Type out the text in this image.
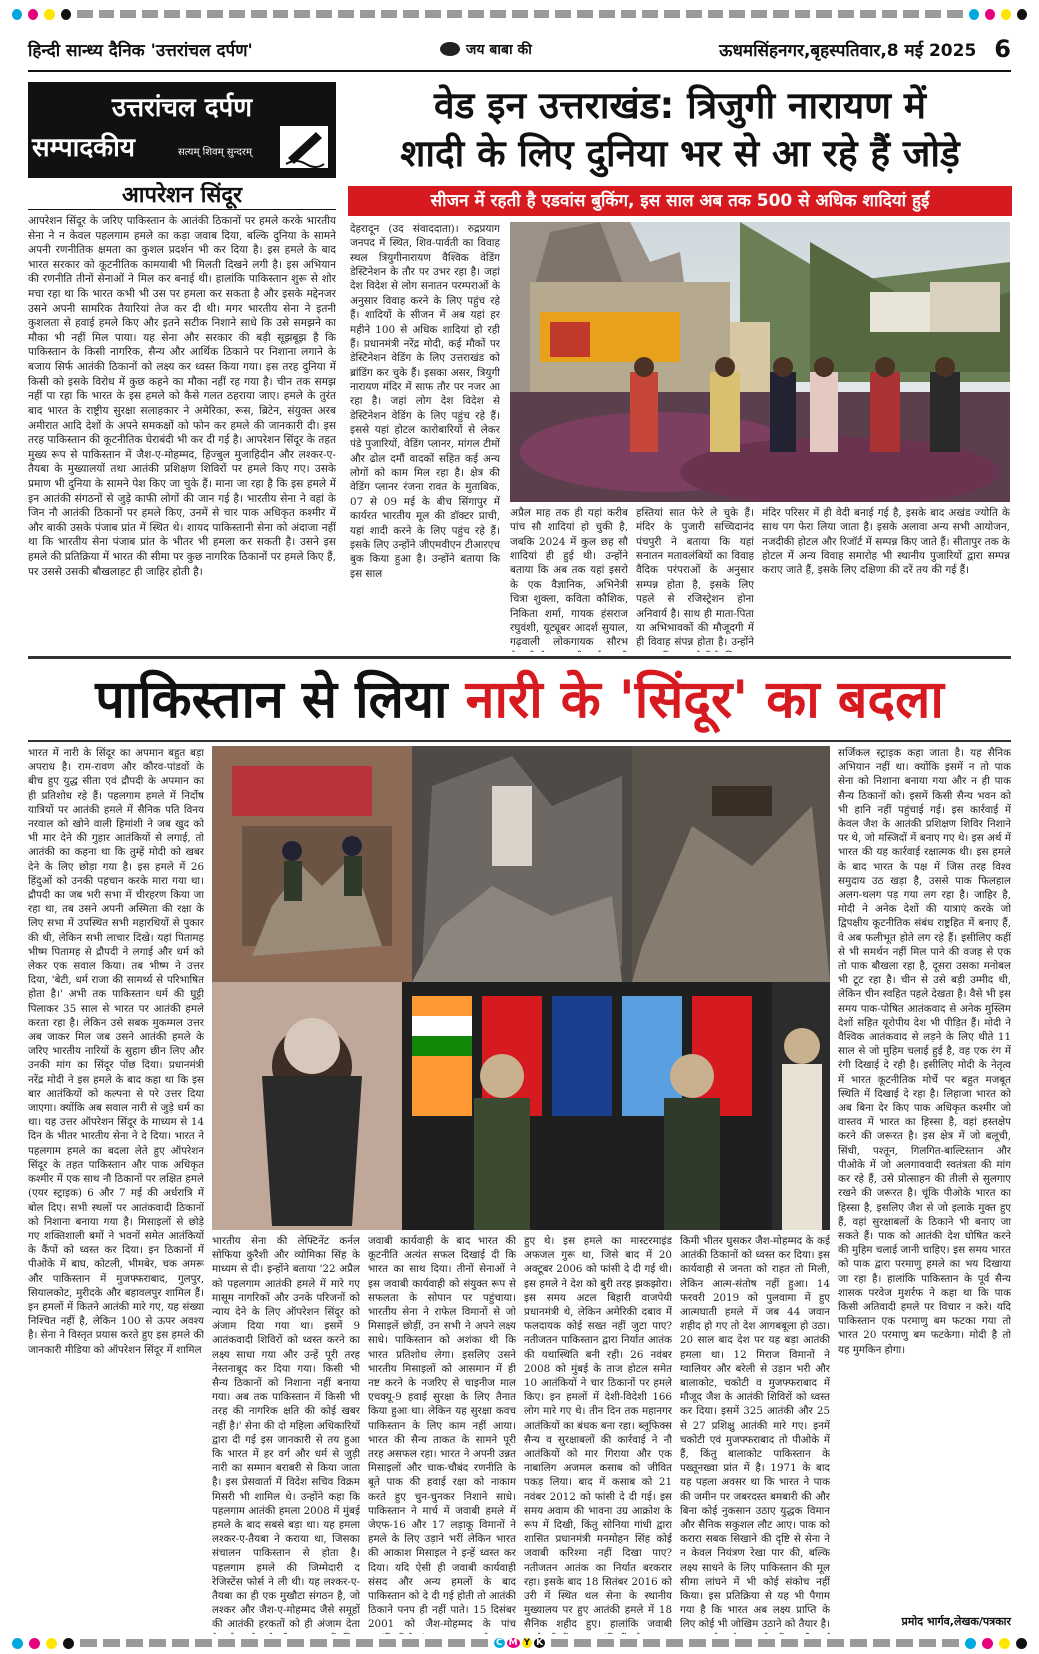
हिन्दी सान्ध्य दैनिक 'उत्तरांचल दर्पण'	जय बाबा की	ऊधमसिंहनगर,बृहस्पतिवार,8 मई 2025 6
उत्तरांचल दर्पण
सम्पादकीय	सत्यम् शिवम् सुन्दरम्
आपरेशन सिंदूर
आपरेशन सिंदूर के जरिए पाकिस्तान के आतंकी ठिकानों पर हमले करके भारतीय सेना ने न केवल पहलगाम हमले का कड़ा जवाब दिया, बल्कि दुनिया के सामने अपनी रणनीतिक क्षमता का कुशल प्रदर्शन भी कर दिया है। इस हमले के बाद भारत सरकार को कूटनीतिक कामयाबी भी मिलती दिखने लगी है। इस अभियान की रणनीति तीनों सेनाओं ने मिल कर बनाई थी। हालांकि पाकिस्तान शुरू से शोर मचा रहा था कि भारत कभी भी उस पर हमला कर सकता है और इसके मद्देनजर उसने अपनी सामरिक तैयारियां तेज कर दी थी। मगर भारतीय सेना ने इतनी कुशलता से हवाई हमले किए और इतने सटीक निशाने साधे कि उसे समझने का मौका भी नहीं मिल पाया। यह सेना और सरकार की बड़ी सूझबूझ है कि पाकिस्तान के किसी नागरिक, सैन्य और आर्थिक ठिकाने पर निशाना लगाने के बजाय सिर्फ आतंकी ठिकानों को लक्ष्य कर ध्वस्त किया गया। इस तरह दुनिया में किसी को इसके विरोध में कुछ कहने का मौका नहीं रह गया है। चीन तक समझ नहीं पा रहा कि भारत के इस हमले को कैसे गलत ठहराया जाए। हमले के तुरंत बाद भारत के राष्ट्रीय सुरक्षा सलाहकार ने अमेरिका, रूस, ब्रिटेन, संयुक्त अरब अमीरात आदि देशों के अपने समकक्षों को फोन कर हमले की जानकारी दी। इस तरह पाकिस्तान की कूटनीतिक घेराबंदी भी कर दी गई है। आपरेशन सिंदूर के तहत मुख्य रूप से पाकिस्तान में जैश-ए-मोहम्मद, हिज्बुल मुजाहिदीन और लश्कर-ए-तैयबा के मुख्यालयों तथा आतंकी प्रशिक्षण शिविरों पर हमले किए गए। उसके प्रमाण भी दुनिया के सामने पेश किए जा चुके हैं। माना जा रहा है कि इस हमले में इन आतंकी संगठनों से जुड़े काफी लोगों की जान गई है। भारतीय सेना ने वहां के जिन नौ आतंकी ठिकानों पर हमले किए, उनमें से चार पाक अधिकृत कश्मीर में और बाकी उसके पंजाब प्रांत में स्थित थे। शायद पाकिस्तानी सेना को अंदाजा नहीं था कि भारतीय सेना पंजाब प्रांत के भीतर भी हमला कर सकती है। उसने इस हमले की प्रतिक्रिया में भारत की सीमा पर कुछ नागरिक ठिकानों पर हमले किए हैं, पर उससे उसकी बौखलाहट ही जाहिर होती है।
वेड इन उत्तराखंड: त्रिजुगी नारायण में
शादी के लिए दुनिया भर से आ रहे हैं जोड़े
सीजन में रहती है एडवांस बुकिंग, इस साल अब तक 500 से अधिक शादियां हुईं
देहरादून (उद संवाददाता)। रुद्रप्रयाग जनपद में स्थित, शिव-पार्वती का विवाह स्थल त्रियुगीनारायण वैश्विक वेडिंग डेस्टिनेशन के तौर पर उभर रहा है। जहां देश विदेश से लोग सनातन परम्पराओं के अनुसार विवाह करने के लिए पहुंच रहे हैं। शादियों के सीजन में अब यहां हर महीने 100 से अधिक शादियां हो रही हैं। प्रधानमंत्री नरेंद्र मोदी, कई मौकों पर डेस्टिनेशन वेडिंग के लिए उत्तराखंड को ब्रांडिंग कर चुके हैं। इसका असर, त्रियुगी नारायण मंदिर में साफ तौर पर नजर आ रहा है। जहां लोग देश विदेश से डेस्टिनेशन वेडिंग के लिए पहुंच रहे हैं। इससे यहां होटल कारोबारियों से लेकर पंडे पुजारियों, वेडिंग प्लानर, मांगल टीमों और ढोल दमौं वादकों सहित कई अन्य लोगों को काम मिल रहा है। क्षेत्र की वेडिंग प्लानर रंजना रावत के मुताबिक, 07 से 09 मई के बीच सिंगापुर में कार्यरत भारतीय मूल की डॉक्टर प्राची, यहां शादी करने के लिए पहुंच रहे हैं। इसके लिए उन्होंने जीएमवीएन टीआरएच बुक किया हुआ है। उन्होंने बताया कि इस साल
अप्रैल माह तक ही यहां करीब पांच सौ शादियां हो चुकी है, जबकि 2024 में कुल छह सौ शादियां ही हुई थी। उन्होंने बताया कि अब तक यहां इसरो के एक वैज्ञानिक, अभिनेत्री चित्रा शुक्ला, कविता कौशिक, निकिता शर्मा, गायक हंसराज रघुवंशी, यूट्यूबर आदर्श सुयाल, गढ़वाली लोकगायक सौरभ
हस्तियां सात फेरे ले चुके हैं। मंदिर के पुजारी सच्चिदानंद पंचपुरी ने बताया कि यहां सनातन मतावलंबियों का विवाह वैदिक परंपराओं के अनुसार सम्पन्न होता है, इसके लिए पहले से रजिस्ट्रेशन होना अनिवार्य है। साथ ही माता-पिता या अभिभावकों की मौजूदगी में ही विवाह संपन्न होता है। उन्होंने
मंदिर परिसर में ही वेदी बनाई गई है, इसके बाद अखंड ज्योति के साथ पग फेरा लिया जाता है। इसके अलावा अन्य सभी आयोजन, नजदीकी होटल और रिजॉर्ट में सम्पन्न किए जाते हैं। सीतापुर तक के होटल में अन्य विवाह समारोह भी स्थानीय पुजारियों द्वारा सम्पन्न कराए जाते हैं, इसके लिए दक्षिणा की दरें तय की गई हैं।
पाकिस्तान से लिया नारी के 'सिंदूर' का बदला
भारत में नारी के सिंदूर का अपमान बहुत बड़ा अपराध है। राम-रावण और कौरव-पांडवों के बीच हुए युद्ध सीता एवं द्रौपदी के अपमान का ही प्रतिशोध रहे हैं। पहलगाम हमले में निर्दोष यात्रियों पर आतंकी हमले में सैनिक पति विनय नरवाल को खोने वाली हिमांशी ने जब खुद को भी मार देने की गुहार आतंकियों से लगाई, तो आतंकी का कहना था कि तुम्हें मोदी को खबर देने के लिए छोड़ा गया है। इस हमले में 26 हिंदुओं को उनकी पहचान करके मारा गया था। द्रौपदी का जब भरी सभा में चीरहरण किया जा रहा था, तब उसने अपनी अस्मिता की रक्षा के लिए सभा में उपस्थित सभी महारथियों से पुकार की थी, लेकिन सभी लाचार दिखे। यहां पितामह भीष्म पितामह से द्रौपदी ने लगाई और धर्म को लेकर एक सवाल किया। तब भीष्म ने उत्तर दिया, 'बेटी, धर्म राजा की सामर्थ्य से परिभाषित होता है।' अभी तक पाकिस्तान धर्म की घुट्टी पिलाकर 35 साल से भारत पर आतंकी हमले करता रहा है। लेकिन उसे सबक मुकम्मल उत्तर अब जाकर मिल जब उसने आतंकी हमले के जरिए भारतीय नारियों के सुहाग छीन लिए और उनकी मांग का सिंदूर पोंछ दिया। प्रधानमंत्री नरेंद्र मोदी ने इस हमले के बाद कहा था कि इस बार आतंकियों को कल्पना से परे उत्तर दिया जाएगा। क्योंकि अब सवाल नारी से जुड़े धर्म का था। यह उत्तर ऑपरेशन सिंदूर के माध्यम से 14 दिन के भीतर भारतीय सेना ने दे दिया। भारत ने पहलगाम हमले का बदला लेते हुए ऑपरेशन सिंदूर के तहत पाकिस्तान और पाक अधिकृत कश्मीर में एक साथ नौ ठिकानों पर लक्षित हमले (एयर स्ट्राइक) 6 और 7 मई की अर्धरात्रि में बोल दिए। सभी स्थलों पर आतंकवादी ठिकानों को निशाना बनाया गया है। मिसाइलों से छोड़े गए शक्तिशाली बमों ने भवनों समेत आतंकियों के कैंपों को ध्वस्त कर दिया। इन ठिकानों में पीओके में बाघ, कोटली, भीमबेर, चक अमरू और पाकिस्तान में मुजफ्फराबाद, गुलपुर, सियालकोट, मुरीदके और बहावलपुर शामिल हैं। इन हमलों में कितने आतंकी मारे गए, यह संख्या निश्चित नहीं है, लेकिन 100 से ऊपर अवश्य है। सेना ने विस्तृत प्रयास करते हुए इस हमले की जानकारी मीडिया को ऑपरेशन सिंदूर में शामिल
सर्जिकल स्ट्राइक कहा जाता है। यह सैनिक अभियान नहीं था। क्योंकि इसमें न तो पाक सेना को निशाना बनाया गया और न ही पाक सैन्य ठिकानों को। इसमें किसी सैन्य भवन को भी हानि नहीं पहुंचाई गई। इस कार्रवाई में केवल जैश के आतंकी प्रशिक्षण शिविर निशाने पर थे, जो मस्जिदों में बनाए गए थे। इस अर्थ में भारत की यह कार्रवाई रक्षात्मक थी। इस हमले के बाद भारत के पक्ष में जिस तरह विश्व समुदाय उठ खड़ा है, उससे पाक फिलहाल अलग-थलग पड़ गया लग रहा है। जाहिर है, मोदी ने अनेक देशों की यात्राएं करके जो द्विपक्षीय कूटनीतिक संबंध राष्ट्रहित में बनाए हैं, वे अब फलीभूत होते लग रहे हैं। इसीलिए कहीं से भी समर्थन नहीं मिल पाने की वजह से एक तो पाक बौखला रहा है, दूसरा उसका मनोबल भी टूट रहा है। चीन से उसे बड़ी उम्मीद थी, लेकिन चीन स्वहित पहले देखता है। वैसे भी इस समय पाक-पोषित आतंकवाद से अनेक मुस्लिम देशों सहित यूरोपीय देश भी पीड़ित हैं। मोदी ने वैश्विक आतंकवाद से लड़ने के लिए थीते 11 साल से जो मुहिम चलाई हुई है, वह एक रंग में रंगी दिखाई दे रही है। इसीलिए मोदी के नेतृत्व में भारत कूटनीतिक मोर्चे पर बहुत मजबूत स्थिति में दिखाई दे रहा है। लिहाजा भारत को अब बिना देर किए पाक अधिकृत कश्मीर जो वास्तव में भारत का हिस्सा है, वहां हस्तक्षेप करने की जरूरत है। इस क्षेत्र में जो बलूची, सिंधी, पश्तून, गिलगित-बाल्टिस्तान और पीओके में जो अलगाववादी स्वतंत्रता की मांग कर रहे हैं, उसे प्रोत्साहन की तीली से सुलगाए रखने की जरूरत है। चूंकि पीओके भारत का हिस्सा है, इसलिए जैश से जो इलाके मुक्त हुए हैं, वहां सुरक्षाबलों के ठिकाने भी बनाए जा सकते हैं। पाक को आतंकी देश घोषित करने की मुहिम चलाई जानी चाहिए। इस समय भारत को पाक द्वारा परमाणु हमले का भय दिखाया जा रहा है। हालांकि पाकिस्तान के पूर्व सैन्य शासक परवेज मुशर्रफ ने कहा था कि पाक किसी अतिवादी हमले पर विचार न करे। यदि पाकिस्तान एक परमाणु बम फटका गया तो भारत 20 परमाणु बम फटकेगा। मोदी है तो यह मुमकिन होगा।
भारतीय सेना की लेफ्टिनेंट कर्नल सोफिया कुरैशी और व्योमिका सिंह के माध्यम से दी। इन्होंने बताया '22 अप्रैल को पहलगाम आतंकी हमले में मारे गए मासूम नागरिकों और उनके परिजनों को न्याय देने के लिए ऑपरेशन सिंदूर को अंजाम दिया गया था। इसमें 9 आतंकवादी शिविरों को ध्वस्त करने का लक्ष्य साधा गया और उन्हें पूरी तरह नेस्तनाबूद कर दिया गया। किसी भी सैन्य ठिकानों को निशाना नहीं बनाया गया। अब तक पाकिस्तान में किसी भी तरह की नागरिक क्षति की कोई खबर नहीं है।' सेना की दो महिला अधिकारियों द्वारा दी गई इस जानकारी से तय हुआ कि भारत में हर वर्ग और धर्म से जुड़ी नारी का सम्मान बराबरी से किया जाता है। इस प्रेसवार्ता में विदेश सचिव विक्रम मिसरी भी शामिल थे। उन्होंने कहा कि पहलगाम आतंकी हमला 2008 में मुंबई हमले के बाद सबसे बड़ा था। यह हमला लश्कर-ए-तैयबा ने कराया था, जिसका संचालन पाकिस्तान से होता है। पहलगाम हमले की जिम्मेदारी द रेजिस्टेंस फोर्स ने ली थी। यह लश्कर-ए-तैयबा का ही एक मुखौटा संगठन है, जो लश्कर और जैश-ए-मोहम्मद जैसे समूहों की आतंकी हरकतों को ही अंजाम देता
जवाबी कार्यवाही के बाद भारत की कूटनीति अत्यंत सफल दिखाई दी कि भारत का साथ दिया। तीनों सेनाओं ने इस जवाबी कार्यवाही को संयुक्त रूप से सफलता के सोपान पर पहुंचाया। भारतीय सेना ने राफेल विमानों से जो मिसाइलें छोड़ीं, उन सभी ने अपने लक्ष्य साधे। पाकिस्तान को अशंका थी कि भारत प्रतिशोध लेगा। इसलिए उसने भारतीय मिसाइलों को आसमान में ही नष्ट करने के नजरिए से चाइनीज माल एचक्यू-9 हवाई सुरक्षा के लिए तैनात किया हुआ था। लेकिन यह सुरक्षा कवच पाकिस्तान के लिए काम नहीं आया। भारत की सैन्य ताकत के सामने पूरी तरह असफल रहा। भारत ने अपनी उन्नत मिसाइलों और चाक-चौबंद रणनीति के बूते पाक की हवाई रक्षा को नाकाम करते हुए चुन-चुनकर निशाने साधे। पाकिस्तान ने मार्च में जवाबी हमले में जेएफ-16 और 17 लड़ाकू विमानों ने हमले के लिए उड़ाने भरीं लेकिन भारत की आकाश मिसाइल ने इन्हें ध्वस्त कर दिया। यदि ऐसी ही जवाबी कार्यवाही संसद और अन्य हमलों के बाद पाकिस्तान को दे दी गई होती तो आतंकी ठिकाने पनप ही नहीं पाते। 15 दिसंबर 2001 को जैश-मोहम्मद के पांच
हुए थे। इस हमले का मास्टरमाइंड अफजल गुरू था, जिसे बाद में 20 अक्टूबर 2006 को फांसी दे दी गई थी। इस हमले ने देश को बुरी तरह झकझोरा। इस समय अटल बिहारी वाजपेयी प्रधानमंत्री थे, लेकिन अमेरिकी दबाव में फलदायक कोई सख्त नहीं जुटा पाए? नतीजतन पाकिस्तान द्वारा निर्यात आतंक की यथास्थिति बनी रही। 26 नवंबर 2008 को मुंबई के ताज होटल समेत 10 आतंकियों ने चार ठिकानों पर हमले किए। इन हमलों में देशी-विदेशी 166 लोग मारे गए थे। तीन दिन तक महानगर आतंकियों का बंधक बना रहा। ब्लूफिक्स सैन्य व सुरक्षाबलों की कार्रवाई ने नौ आतंकियों को मार गिराया और एक नाबालिग अजमल कसाब को जीवित पकड़ लिया। बाद में कसाब को 21 नवंबर 2012 को फांसी दे दी गई। इस समय अवाम की भावना उग्र आक्रोश के रूप में दिखी, किंतु सोनिया गांधी द्वारा शासित प्रधानमंत्री मनमोहन सिंह कोई जवाबी करिश्मा नहीं दिखा पाए? नतीजतन आतंक का निर्यात बरकरार रहा। इसके बाद 18 सितंबर 2016 को उरी में स्थित थल सेना के स्थानीय मुख्यालय पर हुए आतंकी हमले में 18 सैनिक शहीद हुए। हालांकि जवाबी
किमी भीतर घुसकर जैश-मोहम्मद के कई आतंकी ठिकानों को ध्वस्त कर दिया। इस कार्यवाही से जनता को राहत तो मिली, लेकिन आत्म-संतोष नहीं हुआ। 14 फरवरी 2019 को पुलवामा में हुए आत्मघाती हमले में जब 44 जवान शहीद हो गए तो देश आगबबूला हो उठा। 20 साल बाद देश पर यह बड़ा आतंकी हमला था। 12 मिराज विमानों ने ग्वालियर और बरेली से उड़ान भरी और बालाकोट, चकोटी व मुजफ्फराबाद में मौजूद जैश के आतंकी शिविरों को ध्वस्त कर दिया। इसमें 325 आतंकी और 25 से 27 प्रशिक्षु आतंकी मारे गए। इनमें चकोटी एवं मुजफ्फराबाद तो पीओके में हैं, किंतु बालाकोट पाकिस्तान के पख्तूनख्वा प्रांत में है। 1971 के बाद यह पहला अवसर था कि भारत ने पाक की जमीन पर जबरदस्त बमबारी की और बिना कोई नुकसान उठाए युद्धक विमान और सैनिक सकुशल लौट आए। पाक को करारा सबक सिखाने की दृष्टि से सेना ने न केवल नियंत्रण रेखा पार की, बल्कि लक्ष्य साधने के लिए पाकिस्तान की मूल सीमा लांघने में भी कोई संकोच नहीं किया। इस प्रतिक्रिया से यह भी पैगाम गया है कि भारत अब लक्ष्य प्राप्ति के लिए कोई भी जोखिम उठाने को तैयार है।	प्रमोद भार्गव,लेखक/पत्रकार
C M Y K
